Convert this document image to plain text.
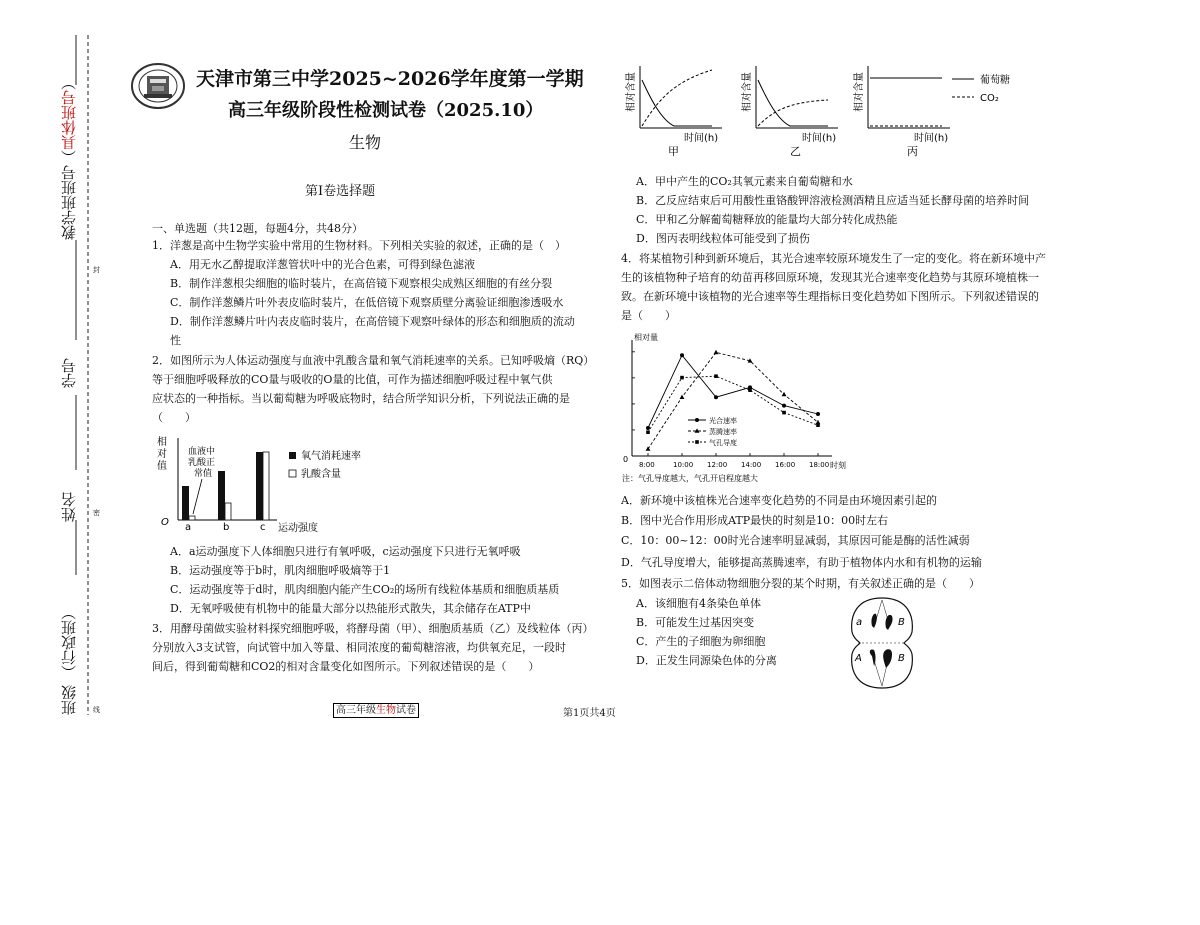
班级 （行政班）
姓名
学号
教学班班号（具体班号）
封
密
线
天津市第三中学2025~2026学年度第一学期
高三年级阶段性检测试卷（2025.10）
生物
第Ⅰ卷选择题
一、单选题（共12题，每题4分，共48分）
1．洋葱是高中生物学实验中常用的生物材料。下列相关实验的叙述，正确的是（　）
A．用无水乙醇提取洋葱管状叶中的光合色素，可得到绿色滤液
B．制作洋葱根尖细胞的临时装片，在高倍镜下观察根尖成熟区细胞的有丝分裂
C．制作洋葱鳞片叶外表皮临时装片，在低倍镜下观察质壁分离验证细胞渗透吸水
D．制作洋葱鳞片叶内表皮临时装片，在高倍镜下观察叶绿体的形态和细胞质的流动
性
2．如图所示为人体运动强度与血液中乳酸含量和氧气消耗速率的关系。已知呼吸熵（RQ）
等于细胞呼吸释放的CO量与吸收的O量的比值，可作为描述细胞呼吸过程中氧气供
应状态的一种指标。当以葡萄糖为呼吸底物时，结合所学知识分析，下列说法正确的是
（　　）
相
对
值
O a	b	c 运动强度
血液中
乳酸正
常值
氧气消耗速率
乳酸含量
A．a运动强度下人体细胞只进行有氧呼吸，c运动强度下只进行无氧呼吸
B．运动强度等于b时，肌肉细胞呼吸熵等于1
C．运动强度等于d时，肌肉细胞内能产生CO₂的场所有线粒体基质和细胞质基质
D．无氧呼吸使有机物中的能量大部分以热能形式散失，其余储存在ATP中
3．用酵母菌做实验材料探究细胞呼吸，将酵母菌（甲）、细胞质基质（乙）及线粒体（丙）
分别放入3支试管，向试管中加入等量、相同浓度的葡萄糖溶液，均供氧充足，一段时
间后，得到葡萄糖和CO2的相对含量变化如图所示。下列叙述错误的是（　　）
高三年级生物试卷	第1页共4页
相对含量
时间(h)
甲
相对含量
时间(h)
乙
相对含量
时间(h)
丙
葡萄糖
CO₂
A．甲中产生的CO₂其氧元素来自葡萄糖和水
B．乙反应结束后可用酸性重铬酸钾溶液检测酒精且应适当延长酵母菌的培养时间
C．甲和乙分解葡萄糖释放的能量均大部分转化成热能
D．图丙表明线粒体可能受到了损伤
4．将某植物引种到新环境后，其光合速率较原环境发生了一定的变化。将在新环境中产
生的该植物种子培育的幼苗再移回原环境，发现其光合速率变化趋势与其原环境植株一
致。在新环境中该植物的光合速率等生理指标日变化趋势如下图所示。下列叙述错误的
是（　　）
相对量
0
时刻
注：气孔导度越大，气孔开启程度越大
8:00	10:00 12:00 14:00 16:00 18:00
光合速率
蒸腾速率
气孔导度
A．新环境中该植株光合速率变化趋势的不同是由环境因素引起的
B．图中光合作用形成ATP最快的时刻是10：00时左右
C．10：00~12：00时光合速率明显减弱，其原因可能是酶的活性减弱
D．气孔导度增大，能够提高蒸腾速率，有助于植物体内水和有机物的运输
5．如图表示二倍体动物细胞分裂的某个时期，有关叙述正确的是（　　）
A．该细胞有4条染色单体
B．可能发生过基因突变
C．产生的子细胞为卵细胞
D．正发生同源染色体的分离
a	B
A	B
